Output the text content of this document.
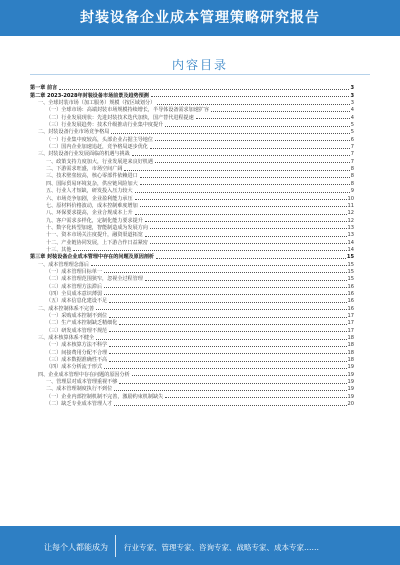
封装设备企业成本管理策略研究报告
内容目录
第一章 前言	3
第二章 2023-2028年封装设备市场前景及趋势预测	3
一、全球封装市场（加工服务）规模（按区域划分）	3
（一）全球市场：高端封装市场规模持续增长，半导体设备需求加速扩容	4
（二）行业发展现状：先进封装技术迭代加快，国产替代进程提速	4
（三）行业发展趋势：技术升级推动行业集中度提升	5
二、封装设备行业市场竞争格局	5
（一）行业集中度较高，头部企业占据主导地位	6
（二）国内企业加速追赶，竞争格局逐步优化	7
三、封装设备行业发展面临的机遇与挑战	7
一、政策支持力度加大，行业发展迎来良好机遇	7
二、下游需求旺盛，市场空间广阔	8
三、技术壁垒较高，核心零部件依赖进口	8
四、国际贸易环境复杂，供应链风险加大	8
五、行业人才短缺，研发投入压力较大	9
六、市场竞争加剧，企业盈利能力承压	10
七、原材料价格波动，成本控制难度增加	11
八、环保要求提高，企业合规成本上升	12
九、客户需求多样化，定制化能力要求提升	12
十、数字化转型加速，智能制造成为发展方向	13
十一、资本市场关注度提升，融资渠道拓宽	13
十二、产业链协同发展，上下游合作日益紧密	14
十三、其他	14
第三章 封装设备企业成本管理中存在的问题及原因剖析	15
一、成本管理理念落后	15
（一）成本管理目标单一	15
（二）成本管理范围狭窄，忽视全过程管理	15
（三）成本管理方法滞后	16
（四）全员成本意识薄弱	16
（五）成本信息化建设不足	16
二、成本控制体系不完善	16
（一）采购成本控制不到位	17
（二）生产成本控制缺乏精细化	17
（三）研发成本管理不规范	17
三、成本核算体系不健全	18
（一）成本核算方法不科学	18
（二）间接费用分配不合理	18
（三）成本数据准确性不高	18
（四）成本分析流于形式	19
四、企业成本管理中存在问题的原因分析	19
一、管理层对成本管理重视不够	19
二、成本管理制度执行不到位	19
（一）企业内部控制机制不完善，激励约束机制缺失	19
（二）缺乏专业成本管理人才	20
让每个人都能成为 行业专家、管理专家、咨询专家、战略专家、成本专家……
